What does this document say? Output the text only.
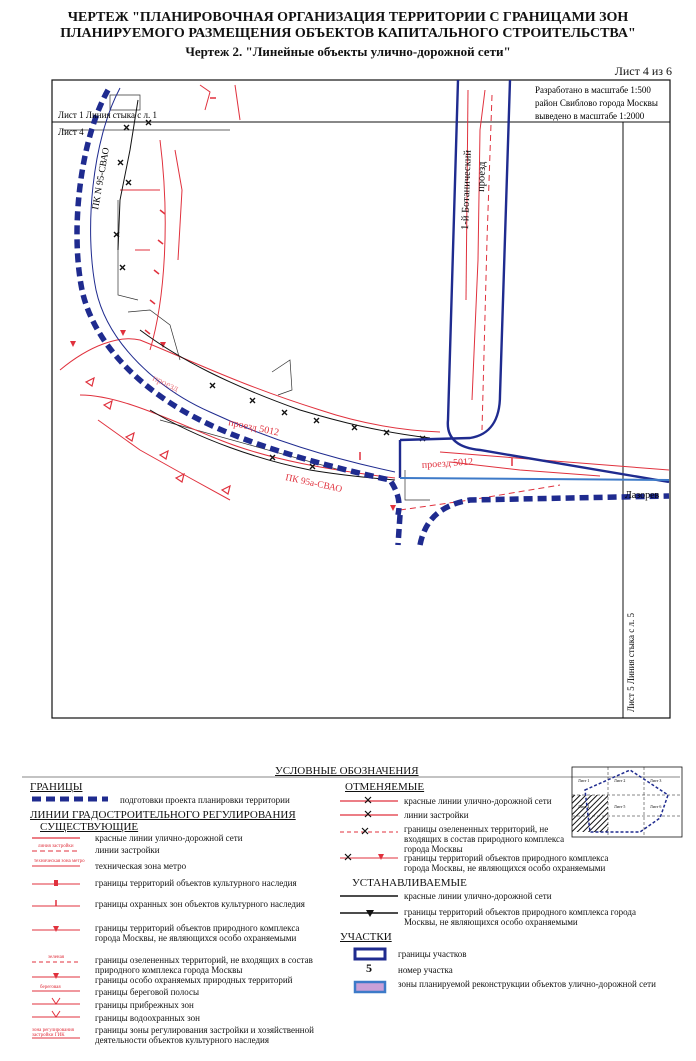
ЧЕРТЕЖ "ПЛАНИРОВОЧНАЯ ОРГАНИЗАЦИЯ ТЕРРИТОРИИ С ГРАНИЦАМИ ЗОН
ПЛАНИРУЕМОГО РАЗМЕЩЕНИЯ ОБЪЕКТОВ КАПИТАЛЬНОГО СТРОИТЕЛЬСТВА"
Чертеж 2. "Линейные объекты улично-дорожной сети"
Лист 4 из 6
Разработано в масштабе 1:500
район Свиблово города Москвы
выведено в масштабе 1:2000
Лист 1 Линия стыка с л. 1
Лист 4
Лист 5 Линия стыка с л. 5
1-й Ботанический проезд
проезд 5012
проезд 5012
проезд
ПК N 95-СВАО
ПК 95а-СВАО
Лазорев
Лист 1	Лист 2	Лист 3
Лист 4	Лист 5	Лист 6
УСЛОВНЫЕ ОБОЗНАЧЕНИЯ
ГРАНИЦЫ
подготовки проекта планировки территории
ЛИНИИ ГРАДОСТРОИТЕЛЬНОГО РЕГУЛИРОВАНИЯ
СУЩЕСТВУЮЩИЕ
красные линии улично-дорожной сети
линии застройки
техническая зона метро
границы территорий объектов культурного наследия
границы охранных зон объектов культурного наследия
границы территорий объектов природного комплекса города Москвы, не являющихся особо охраняемыми
границы озелененных территорий, не входящих в состав природного комплекса города Москвы
границы особо охраняемых природных территорий
границы береговой полосы
границы прибрежных зон
границы водоохранных зон
границы зоны регулирования застройки и хозяйственной деятельности объектов культурного наследия
линия застройки
техническая зона метро
зеленая
береговая
зона регулирования застройки ГИК
ОТМЕНЯЕМЫЕ
красные линии улично-дорожной сети
линии застройки
границы озелененных территорий, не входящих в состав природного комплекса города Москвы
границы территорий объектов природного комплекса города Москвы, не являющихся особо охраняемыми
УСТАНАВЛИВАЕМЫЕ
красные линии улично-дорожной сети
границы территорий объектов природного комплекса города Москвы, не являющихся особо охраняемыми
УЧАСТКИ
границы участков
5	номер участка
зоны планируемой реконструкции объектов улично-дорожной сети
